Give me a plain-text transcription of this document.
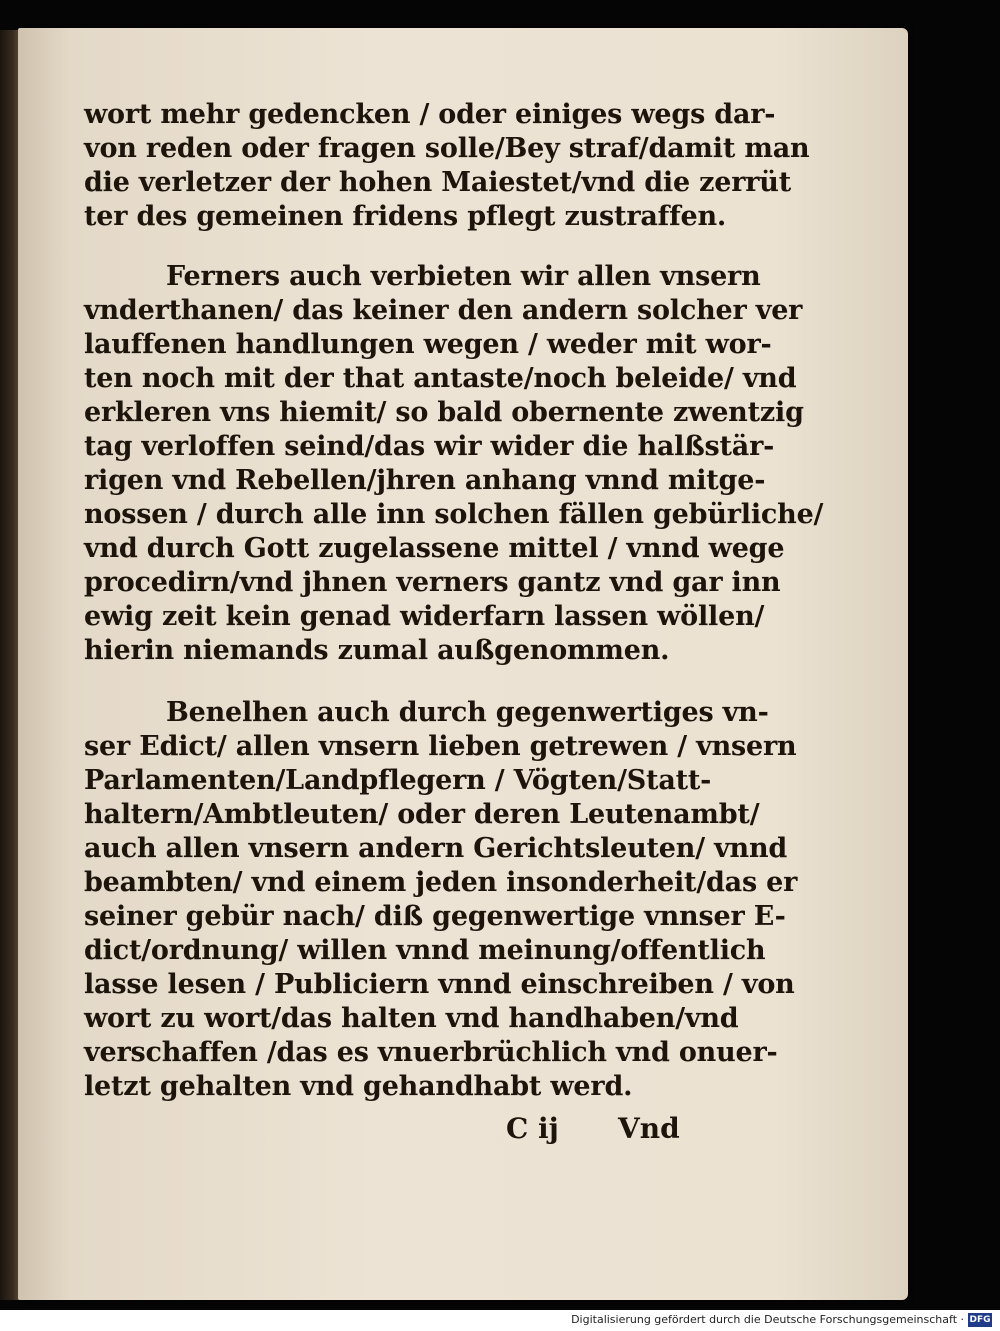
wort mehr gedencken / oder einiges wegs dar-
von reden oder fragen solle/Bey straf/damit man
die verletzer der hohen Maiestet/vnd die zerrüt
ter des gemeinen fridens pflegt zustraffen.
Ferners auch verbieten wir allen vnsern
vnderthanen/ das keiner den andern solcher ver
lauffenen handlungen wegen / weder mit wor-
ten noch mit der that antaste/noch beleide/ vnd
erkleren vns hiemit/ so bald obernente zwentzig
tag verloffen seind/das wir wider die halßstär-
rigen vnd Rebellen/jhren anhang vnnd mitge-
nossen / durch alle inn solchen fällen gebürliche/
vnd durch Gott zugelassene mittel / vnnd wege
procedirn/vnd jhnen verners gantz vnd gar inn
ewig zeit kein genad widerfarn lassen wöllen/
hierin niemands zumal außgenommen.
Benelhen auch durch gegenwertiges vn-
ser Edict/ allen vnsern lieben getrewen / vnsern
Parlamenten/Landpflegern / Vögten/Statt-
haltern/Ambtleuten/ oder deren Leutenambt/
auch allen vnsern andern Gerichtsleuten/ vnnd
beambten/ vnd einem jeden insonderheit/das er
seiner gebür nach/ diß gegenwertige vnnser E-
dict/ordnung/ willen vnnd meinung/offentlich
lasse lesen / Publiciern vnnd einschreiben / von
wort zu wort/das halten vnd handhaben/vnd
verschaffen /das es vnuerbrüchlich vnd onuer-
letzt gehalten vnd gehandhabt werd.
C ij Vnd
Digitalisierung gefördert durch die Deutsche Forschungsgemeinschaft · DFG
